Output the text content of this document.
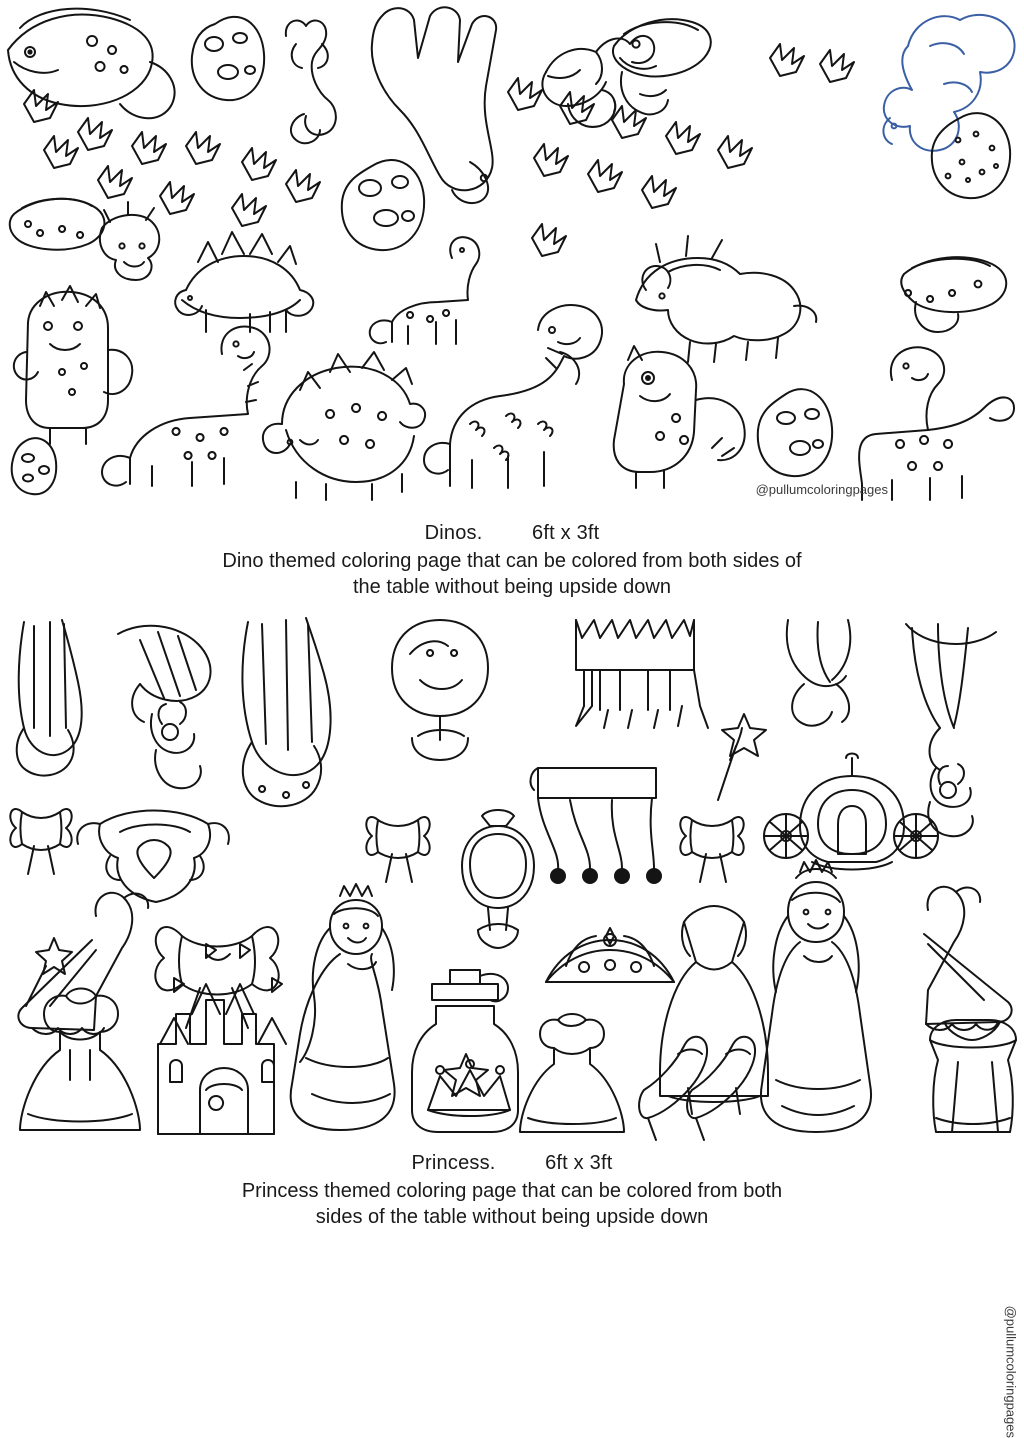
@pullumcoloringpages
Dinos. 6ft x 3ft
Dino themed coloring page that can be colored from both sides of
the table without being upside down
@pullumcoloringpages
Princess. 6ft x 3ft
Princess themed coloring page that can be colored from both
sides of the table without being upside down
